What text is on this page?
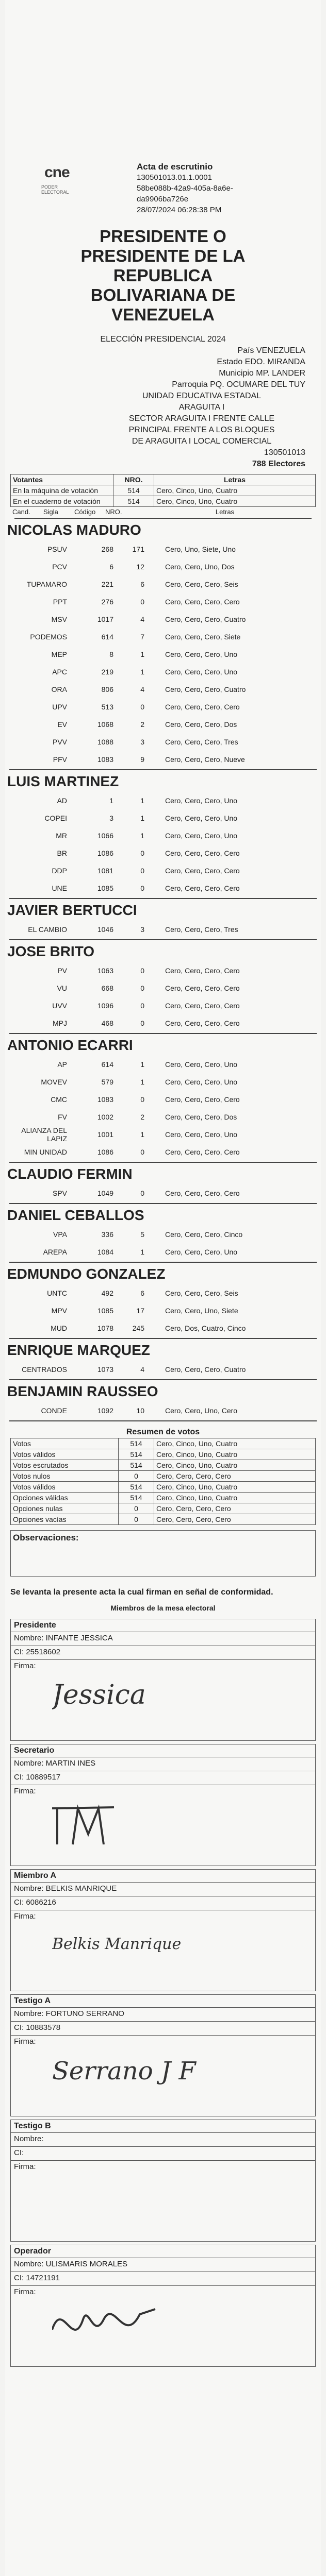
cne
PODER ELECTORAL
Acta de escrutinio
130501013.01.1.0001
58be088b-42a9-405a-8a6e-
da9906ba726e
28/07/2024 06:28:38 PM
PRESIDENTE O
PRESIDENTE DE LA
REPUBLICA
BOLIVARIANA DE
VENEZUELA
ELECCIÓN PRESIDENCIAL 2024
País VENEZUELA
Estado EDO. MIRANDA
Municipio MP. LANDER
Parroquia PQ. OCUMARE DEL TUY
UNIDAD EDUCATIVA ESTADAL
ARAGUITA I
SECTOR ARAGUITA I FRENTE CALLE
PRINCIPAL FRENTE A LOS BLOQUES
DE ARAGUITA I LOCAL COMERCIAL
130501013
788 Electores
Votantes	NRO.	Letras
En la máquina de votación	514	Cero, Cinco, Uno, Cuatro
En el cuaderno de votación	514	Cero, Cinco, Uno, Cuatro
Cand.	Sigla	Código	NRO.	Letras
NICOLAS MADURO
PSUV	268	171	Cero, Uno, Siete, Uno
PCV	6	12	Cero, Cero, Uno, Dos
TUPAMARO	221	6	Cero, Cero, Cero, Seis
PPT	276	0	Cero, Cero, Cero, Cero
MSV	1017	4	Cero, Cero, Cero, Cuatro
PODEMOS	614	7	Cero, Cero, Cero, Siete
MEP	8	1	Cero, Cero, Cero, Uno
APC	219	1	Cero, Cero, Cero, Uno
ORA	806	4	Cero, Cero, Cero, Cuatro
UPV	513	0	Cero, Cero, Cero, Cero
EV	1068	2	Cero, Cero, Cero, Dos
PVV	1088	3	Cero, Cero, Cero, Tres
PFV	1083	9	Cero, Cero, Cero, Nueve
LUIS MARTINEZ
AD	1	1	Cero, Cero, Cero, Uno
COPEI	3	1	Cero, Cero, Cero, Uno
MR	1066	1	Cero, Cero, Cero, Uno
BR	1086	0	Cero, Cero, Cero, Cero
DDP	1081	0	Cero, Cero, Cero, Cero
UNE	1085	0	Cero, Cero, Cero, Cero
JAVIER BERTUCCI
EL CAMBIO	1046	3	Cero, Cero, Cero, Tres
JOSE BRITO
PV	1063	0	Cero, Cero, Cero, Cero
VU	668	0	Cero, Cero, Cero, Cero
UVV	1096	0	Cero, Cero, Cero, Cero
MPJ	468	0	Cero, Cero, Cero, Cero
ANTONIO ECARRI
AP	614	1	Cero, Cero, Cero, Uno
MOVEV	579	1	Cero, Cero, Cero, Uno
CMC	1083	0	Cero, Cero, Cero, Cero
FV	1002	2	Cero, Cero, Cero, Dos
ALIANZA DEL LAPIZ	1001	1	Cero, Cero, Cero, Uno
MIN UNIDAD	1086	0	Cero, Cero, Cero, Cero
CLAUDIO FERMIN
SPV	1049	0	Cero, Cero, Cero, Cero
DANIEL CEBALLOS
VPA	336	5	Cero, Cero, Cero, Cinco
AREPA	1084	1	Cero, Cero, Cero, Uno
EDMUNDO GONZALEZ
UNTC	492	6	Cero, Cero, Cero, Seis
MPV	1085	17	Cero, Cero, Uno, Siete
MUD	1078	245	Cero, Dos, Cuatro, Cinco
ENRIQUE MARQUEZ
CENTRADOS	1073	4	Cero, Cero, Cero, Cuatro
BENJAMIN RAUSSEO
CONDE	1092	10	Cero, Cero, Uno, Cero
Resumen de votos
Votos	514	Cero, Cinco, Uno, Cuatro
Votos válidos	514	Cero, Cinco, Uno, Cuatro
Votos escrutados	514	Cero, Cinco, Uno, Cuatro
Votos nulos	0	Cero, Cero, Cero, Cero
Votos válidos	514	Cero, Cinco, Uno, Cuatro
Opciones válidas	514	Cero, Cinco, Uno, Cuatro
Opciones nulas	0	Cero, Cero, Cero, Cero
Opciones vacías	0	Cero, Cero, Cero, Cero
Observaciones:
Se levanta la presente acta la cual firman en señal de conformidad.
Miembros de la mesa electoral
Presidente
Nombre: INFANTE JESSICA
CI: 25518602
Firma:
Jessica
Secretario
Nombre: MARTIN INES
CI: 10889517
Firma:
Miembro A
Nombre: BELKIS MANRIQUE
CI: 6086216
Firma:
Belkis Manrique
Testigo A
Nombre: FORTUNO SERRANO
CI: 10883578
Firma:
Serrano J F
Testigo B
Nombre:
CI:
Firma:
Operador
Nombre: ULISMARIS MORALES
CI: 14721191
Firma:
